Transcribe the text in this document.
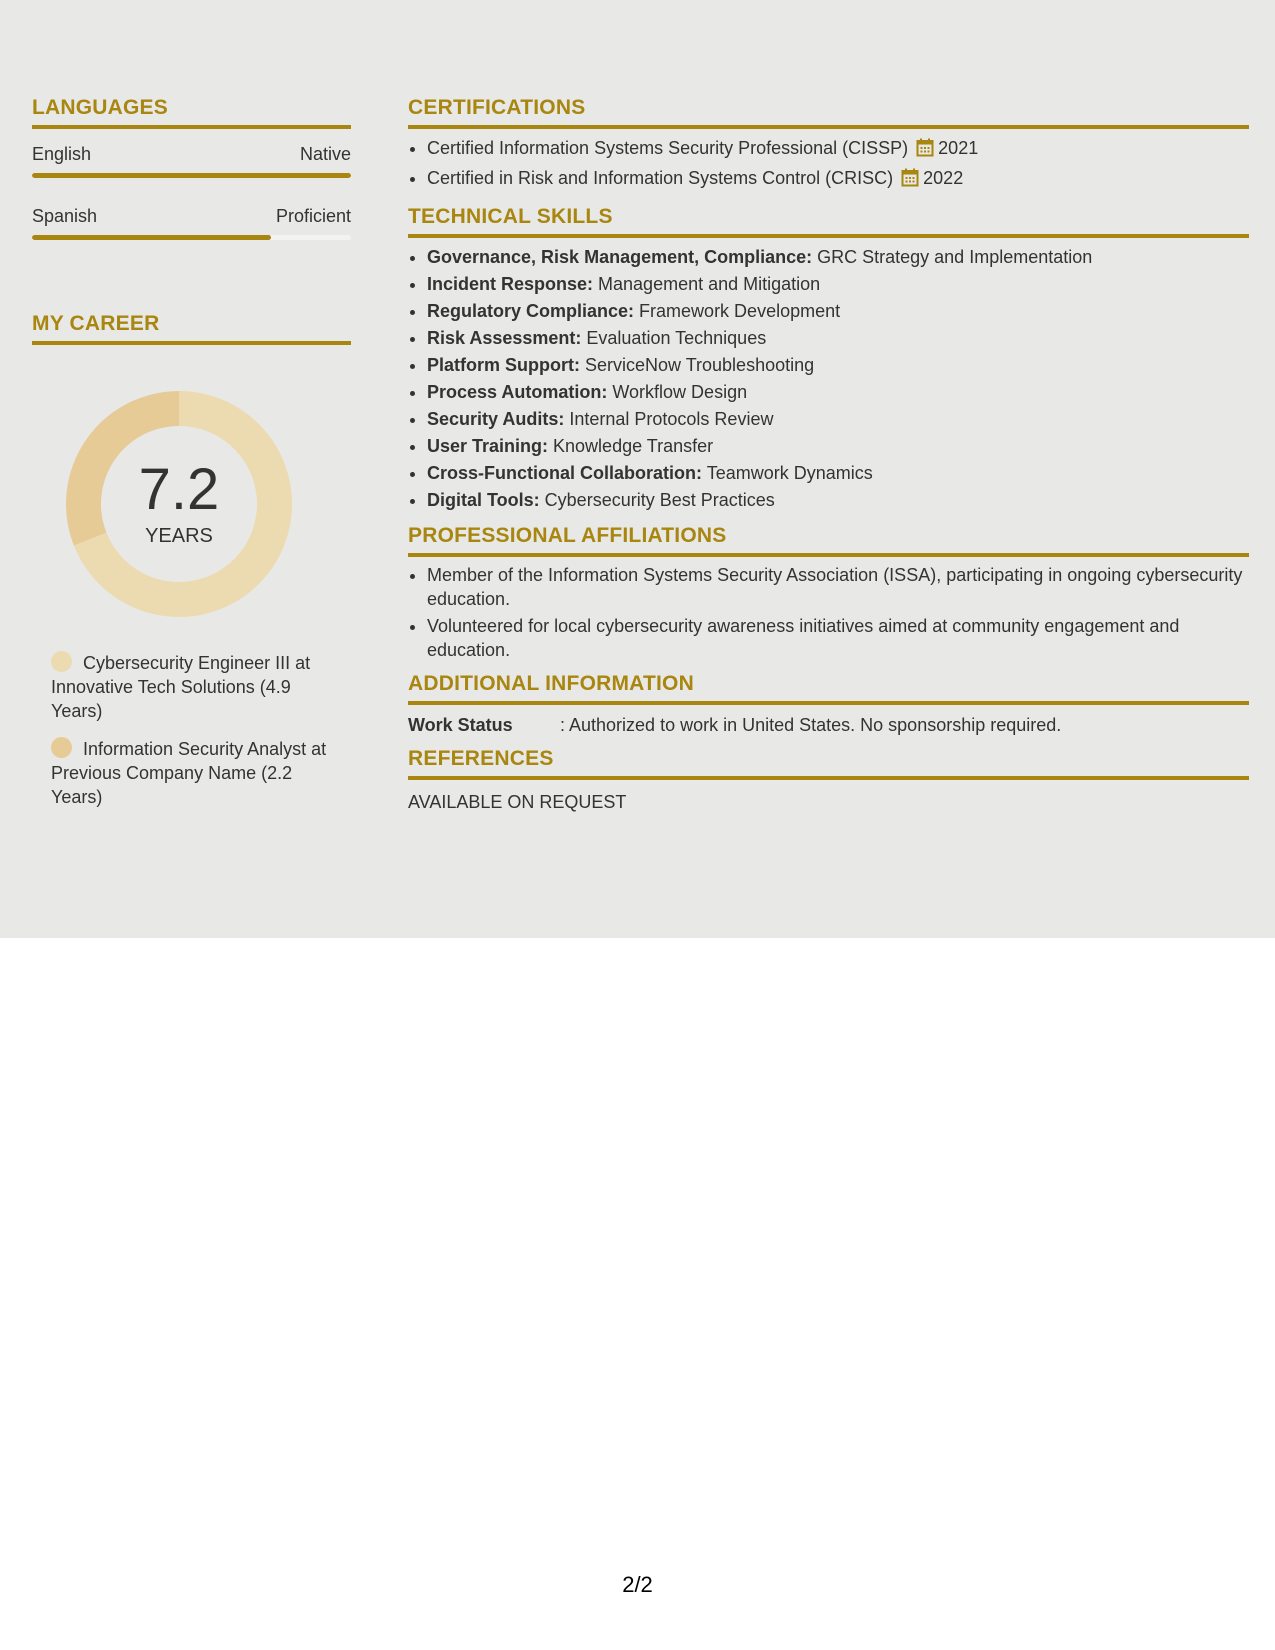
LANGUAGES
English	Native
Spanish	Proficient
MY CAREER
7.2
YEARS
Cybersecurity Engineer III at Innovative Tech Solutions (4.9 Years)
Information Security Analyst at Previous Company Name (2.2 Years)
CERTIFICATIONS
• Certified Information Systems Security Professional (CISSP) 2021
• Certified in Risk and Information Systems Control (CRISC) 2022
TECHNICAL SKILLS
• Governance, Risk Management, Compliance: GRC Strategy and Implementation
• Incident Response: Management and Mitigation
• Regulatory Compliance: Framework Development
• Risk Assessment: Evaluation Techniques
• Platform Support: ServiceNow Troubleshooting
• Process Automation: Workflow Design
• Security Audits: Internal Protocols Review
• User Training: Knowledge Transfer
• Cross-Functional Collaboration: Teamwork Dynamics
• Digital Tools: Cybersecurity Best Practices
PROFESSIONAL AFFILIATIONS
• Member of the Information Systems Security Association (ISSA), participating in ongoing cybersecurity education.
• Volunteered for local cybersecurity awareness initiatives aimed at community engagement and education.
ADDITIONAL INFORMATION
Work Status	: Authorized to work in United States. No sponsorship required.
REFERENCES
AVAILABLE ON REQUEST
2/2
